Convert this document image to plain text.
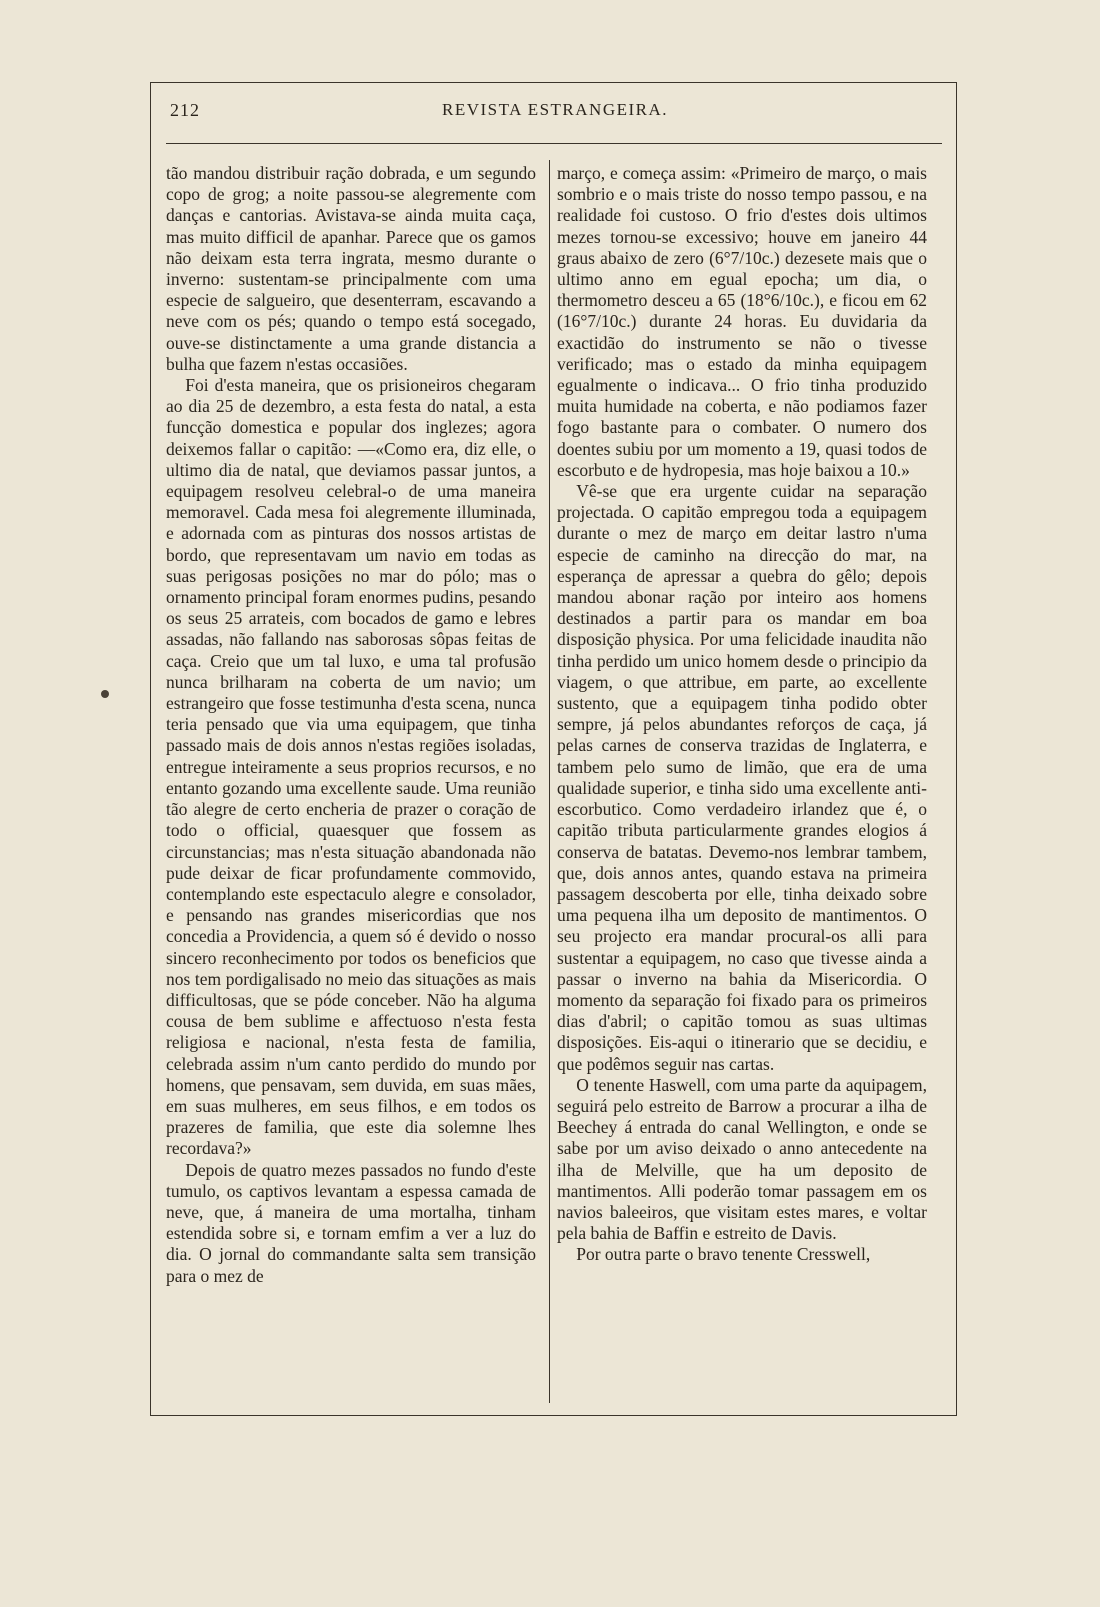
212	REVISTA ESTRANGEIRA.

tão mandou distribuir ração dobrada, e um segundo copo de grog; a noite passou-se alegremente com danças e cantorias. Avistava-se ainda muita caça, mas muito difficil de apanhar. Parece que os gamos não deixam esta terra ingrata, mesmo durante o inverno: sustentam-se principalmente com uma especie de salgueiro, que desenterram, escavando a neve com os pés; quando o tempo está socegado, ouve-se distinctamente a uma grande distancia a bulha que fazem n'estas occasiões.

Foi d'esta maneira, que os prisioneiros chegaram ao dia 25 de dezembro, a esta festa do natal, a esta funcção domestica e popular dos inglezes; agora deixemos fallar o capitão: —«Como era, diz elle, o ultimo dia de natal, que deviamos passar juntos, a equipagem resolveu celebral-o de uma maneira memoravel. Cada mesa foi alegremente illuminada, e adornada com as pinturas dos nossos artistas de bordo, que representavam um navio em todas as suas perigosas posições no mar do pólo; mas o ornamento principal foram enormes pudins, pesando os seus 25 arrateis, com bocados de gamo e lebres assadas, não fallando nas saborosas sôpas feitas de caça. Creio que um tal luxo, e uma tal profusão nunca brilharam na coberta de um navio; um estrangeiro que fosse testimunha d'esta scena, nunca teria pensado que via uma equipagem, que tinha passado mais de dois annos n'estas regiões isoladas, entregue inteiramente a seus proprios recursos, e no entanto gozando uma excellente saude. Uma reunião tão alegre de certo encheria de prazer o coração de todo o official, quaesquer que fossem as circunstancias; mas n'esta situação abandonada não pude deixar de ficar profundamente commovido, contemplando este espectaculo alegre e consolador, e pensando nas grandes misericordias que nos concedia a Providencia, a quem só é devido o nosso sincero reconhecimento por todos os beneficios que nos tem pordigalisado no meio das situações as mais difficultosas, que se póde conceber. Não ha alguma cousa de bem sublime e affectuoso n'esta festa religiosa e nacional, n'esta festa de familia, celebrada assim n'um canto perdido do mundo por homens, que pensavam, sem duvida, em suas mães, em suas mulheres, em seus filhos, e em todos os prazeres de familia, que este dia solemne lhes recordava?»

Depois de quatro mezes passados no fundo d'este tumulo, os captivos levantam a espessa camada de neve, que, á maneira de uma mortalha, tinham estendida sobre si, e tornam emfim a ver a luz do dia. O jornal do commandante salta sem transição para o mez de

março, e começa assim: «Primeiro de março, o mais sombrio e o mais triste do nosso tempo passou, e na realidade foi custoso. O frio d'estes dois ultimos mezes tornou-se excessivo; houve em janeiro 44 graus abaixo de zero (6°7/10c.) dezesete mais que o ultimo anno em egual epocha; um dia, o thermometro desceu a 65 (18°6/10c.), e ficou em 62 (16°7/10c.) durante 24 horas. Eu duvidaria da exactidão do instrumento se não o tivesse verificado; mas o estado da minha equipagem egualmente o indicava... O frio tinha produzido muita humidade na coberta, e não podiamos fazer fogo bastante para o combater. O numero dos doentes subiu por um momento a 19, quasi todos de escorbuto e de hydropesia, mas hoje baixou a 10.»

Vê-se que era urgente cuidar na separação projectada. O capitão empregou toda a equipagem durante o mez de março em deitar lastro n'uma especie de caminho na direcção do mar, na esperança de apressar a quebra do gêlo; depois mandou abonar ração por inteiro aos homens destinados a partir para os mandar em boa disposição physica. Por uma felicidade inaudita não tinha perdido um unico homem desde o principio da viagem, o que attribue, em parte, ao excellente sustento, que a equipagem tinha podido obter sempre, já pelos abundantes reforços de caça, já pelas carnes de conserva trazidas de Inglaterra, e tambem pelo sumo de limão, que era de uma qualidade superior, e tinha sido uma excellente anti-escorbutico. Como verdadeiro irlandez que é, o capitão tributa particularmente grandes elogios á conserva de batatas. Devemo-nos lembrar tambem, que, dois annos antes, quando estava na primeira passagem descoberta por elle, tinha deixado sobre uma pequena ilha um deposito de mantimentos. O seu projecto era mandar procural-os alli para sustentar a equipagem, no caso que tivesse ainda a passar o inverno na bahia da Misericordia. O momento da separação foi fixado para os primeiros dias d'abril; o capitão tomou as suas ultimas disposições. Eis-aqui o itinerario que se decidiu, e que podêmos seguir nas cartas.

O tenente Haswell, com uma parte da aquipagem, seguirá pelo estreito de Barrow a procurar a ilha de Beechey á entrada do canal Wellington, e onde se sabe por um aviso deixado o anno antecedente na ilha de Melville, que ha um deposito de mantimentos. Alli poderão tomar passagem em os navios baleeiros, que visitam estes mares, e voltar pela bahia de Baffin e estreito de Davis.

Por outra parte o bravo tenente Cresswell,
